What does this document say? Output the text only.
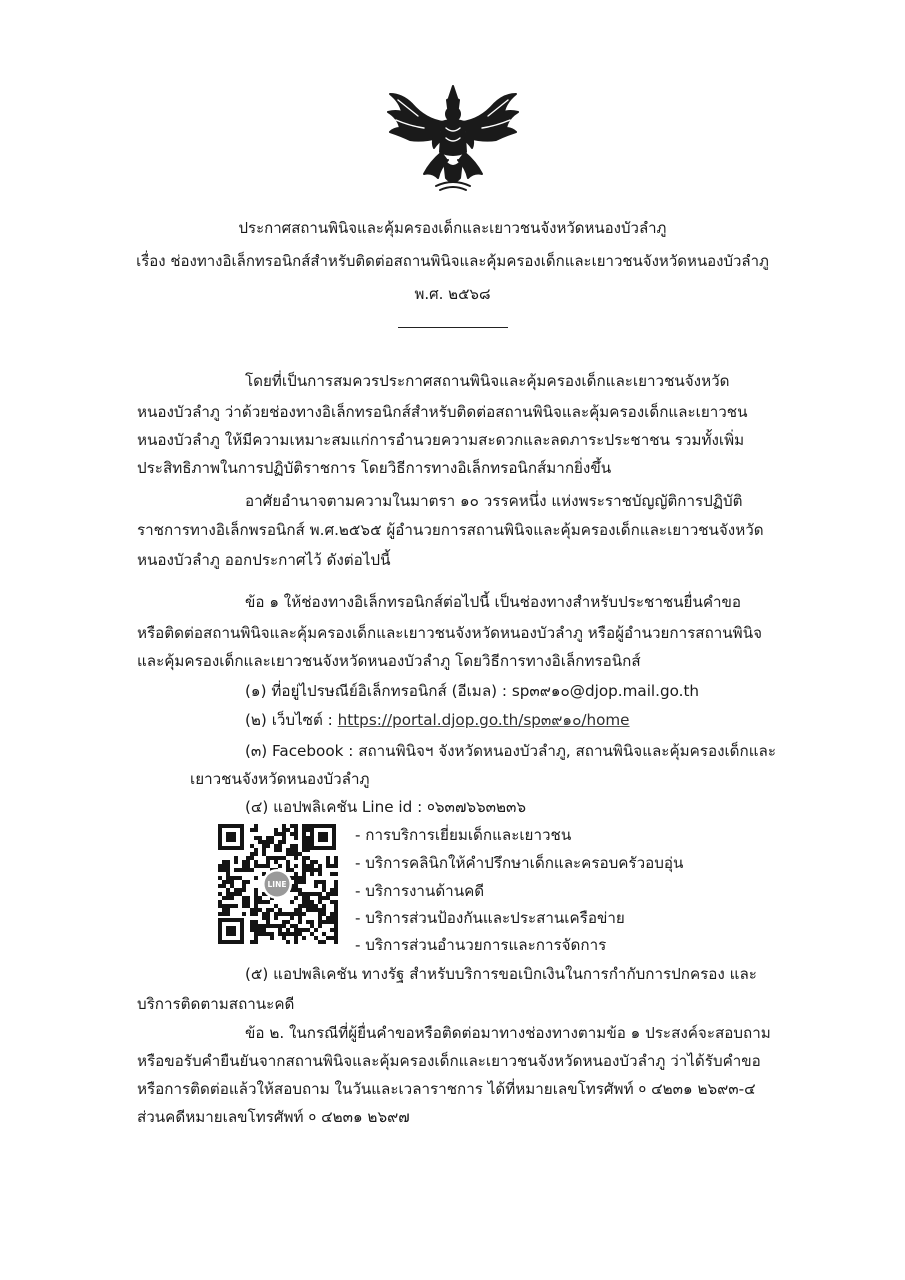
ประกาศสถานพินิจและคุ้มครองเด็กและเยาวชนจังหวัดหนองบัวลำภู
เรื่อง ช่องทางอิเล็กทรอนิกส์สำหรับติดต่อสถานพินิจและคุ้มครองเด็กและเยาวชนจังหวัดหนองบัวลำภู
พ.ศ. ๒๕๖๘
โดยที่เป็นการสมควรประกาศสถานพินิจและคุ้มครองเด็กและเยาวชนจังหวัด
หนองบัวลำภู ว่าด้วยช่องทางอิเล็กทรอนิกส์สำหรับติดต่อสถานพินิจและคุ้มครองเด็กและเยาวชน
หนองบัวลำภู ให้มีความเหมาะสมแก่การอำนวยความสะดวกและลดภาระประชาชน รวมทั้งเพิ่ม
ประสิทธิภาพในการปฏิบัติราชการ โดยวิธีการทางอิเล็กทรอนิกส์มากยิ่งขึ้น
อาศัยอำนาจตามความในมาตรา ๑๐ วรรคหนึ่ง แห่งพระราชบัญญัติการปฏิบัติ
ราชการทางอิเล็กพรอนิกส์ พ.ศ.๒๕๖๕ ผู้อำนวยการสถานพินิจและคุ้มครองเด็กและเยาวชนจังหวัด
หนองบัวลำภู ออกประกาศไว้ ดังต่อไปนี้
ข้อ ๑ ให้ช่องทางอิเล็กทรอนิกส์ต่อไปนี้ เป็นช่องทางสำหรับประชาชนยื่นคำขอ
หรือติดต่อสถานพินิจและคุ้มครองเด็กและเยาวชนจังหวัดหนองบัวลำภู หรือผู้อำนวยการสถานพินิจ
และคุ้มครองเด็กและเยาวชนจังหวัดหนองบัวลำภู โดยวิธีการทางอิเล็กทรอนิกส์
(๑) ที่อยู่ไปรษณีย์อิเล็กทรอนิกส์ (อีเมล) : sp๓๙๑๐@djop.mail.go.th
(๒) เว็บไซต์ : https://portal.djop.go.th/sp๓๙๑๐/home
(๓) Facebook : สถานพินิจฯ จังหวัดหนองบัวลำภู, สถานพินิจและคุ้มครองเด็กและ
เยาวชนจังหวัดหนองบัวลำภู
(๔) แอปพลิเคชัน Line id : ०๖๓๗๖๖๓๒๓๖
LINE
- การบริการเยี่ยมเด็กและเยาวชน
- บริการคลินิกให้คำปรึกษาเด็กและครอบครัวอบอุ่น
- บริการงานด้านคดี
- บริการส่วนป้องกันและประสานเครือข่าย
- บริการส่วนอำนวยการและการจัดการ
(๕) แอปพลิเคชัน ทางรัฐ สำหรับบริการขอเบิกเงินในการกำกับการปกครอง และ
บริการติดตามสถานะคดี
ข้อ ๒. ในกรณีที่ผู้ยื่นคำขอหรือติดต่อมาทางช่องทางตามข้อ ๑ ประสงค์จะสอบถาม
หรือขอรับคำยืนยันจากสถานพินิจและคุ้มครองเด็กและเยาวชนจังหวัดหนองบัวลำภู ว่าได้รับคำขอ
หรือการติดต่อแล้วให้สอบถาม ในวันและเวลาราชการ ได้ที่หมายเลขโทรศัพท์ ० ๔๒๓๑ ๒๖๙๓-๔
ส่วนคดีหมายเลขโทรศัพท์ ० ๔๒๓๑ ๒๖๙๗
